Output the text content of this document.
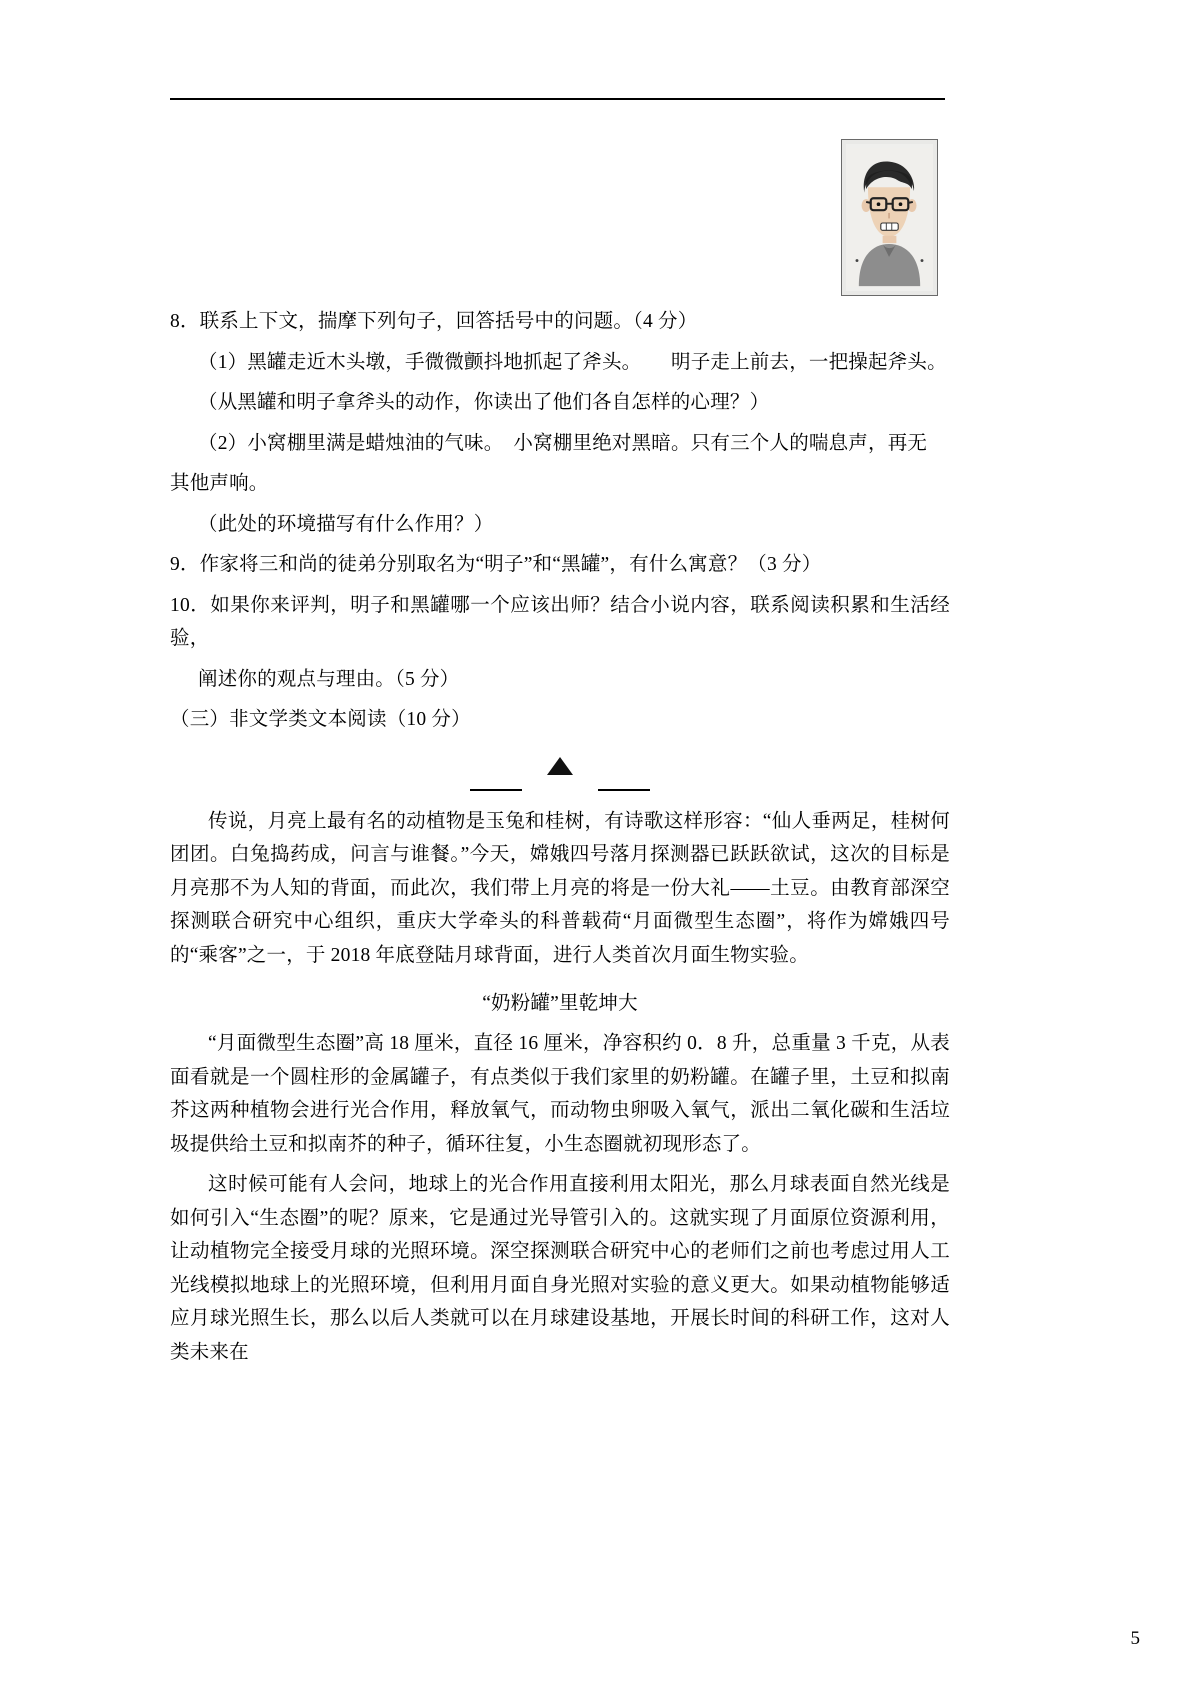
8．联系上下文，揣摩下列句子，回答括号中的问题。（4 分）

（1）黑罐走近木头墩，手微微颤抖地抓起了斧头。　　明子走上前去，一把操起斧头。

（从黑罐和明子拿斧头的动作，你读出了他们各自怎样的心理？）

（2）小窝棚里满是蜡烛油的气味。　小窝棚里绝对黑暗。只有三个人的喘息声，再无

其他声响。

（此处的环境描写有什么作用？）

9．作家将三和尚的徒弟分别取名为“明子”和“黑罐”，有什么寓意？（3 分）

10．如果你来评判，明子和黑罐哪一个应该出师？结合小说内容，联系阅读积累和生活经验，

阐述你的观点与理由。（5 分）

（三）非文学类文本阅读（10 分）

传说，月亮上最有名的动植物是玉兔和桂树，有诗歌这样形容：“仙人垂两足，桂树何团团。白兔捣药成，问言与谁餐。”今天，嫦娥四号落月探测器已跃跃欲试，这次的目标是月亮那不为人知的背面，而此次，我们带上月亮的将是一份大礼——土豆。由教育部深空探测联合研究中心组织，重庆大学牵头的科普载荷“月面微型生态圈”，将作为嫦娥四号的“乘客”之一，于 2018 年底登陆月球背面，进行人类首次月面生物实验。

“奶粉罐”里乾坤大

“月面微型生态圈”高 18 厘米，直径 16 厘米，净容积约 0．8 升，总重量 3 千克，从表面看就是一个圆柱形的金属罐子，有点类似于我们家里的奶粉罐。在罐子里，土豆和拟南芥这两种植物会进行光合作用，释放氧气，而动物虫卵吸入氧气，派出二氧化碳和生活垃圾提供给土豆和拟南芥的种子，循环往复，小生态圈就初现形态了。

这时候可能有人会问，地球上的光合作用直接利用太阳光，那么月球表面自然光线是如何引入“生态圈”的呢？原来，它是通过光导管引入的。这就实现了月面原位资源利用，让动植物完全接受月球的光照环境。深空探测联合研究中心的老师们之前也考虑过用人工光线模拟地球上的光照环境，但利用月面自身光照对实验的意义更大。如果动植物能够适应月球光照生长，那么以后人类就可以在月球建设基地，开展长时间的科研工作，这对人类未来在

5
